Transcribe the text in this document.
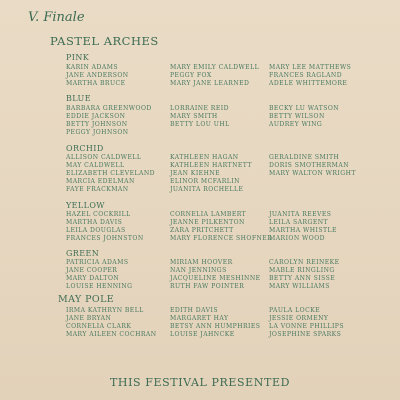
V. Finale
PASTEL ARCHES
PINK
KARIN ADAMS
JANE ANDERSON
MARTHA BRUCE
MARY EMILY CALDWELL
PEGGY FOX
MARY JANE LEARNED
MARY LEE MATTHEWS
FRANCES RAGLAND
ADELE WHITTEMORE
BLUE
BARBARA GREENWOOD
EDDIE JACKSON
BETTY JOHNSON
PEGGY JOHNSON
LORRAINE REID
MARY SMITH
BETTY LOU UHL
BECKY LU WATSON
BETTY WILSON
AUDREY WING
ORCHID
ALLISON CALDWELL
MAY CALDWELL
ELIZABETH CLEVELAND
MARCIA EDELMAN
FAYE FRACKMAN
KATHLEEN HAGAN
KATHLEEN HARTNETT
JEAN KIEHNE
ELINOR MCFARLIN
JUANITA ROCHELLE
GERALDINE SMITH
DORIS SMOTHERMAN
MARY WALTON WRIGHT
YELLOW
HAZEL COCKRILL
MARTHA DAVIS
LEILA DOUGLAS
FRANCES JOHNSTON
CORNELIA LAMBERT
JEANNE PILKENTON
ZARA PRITCHETT
MARY FLORENCE SHOFNER
JUANITA REEVES
LEILA SARGENT
MARTHA WHISTLE
MARION WOOD
GREEN
PATRICIA ADAMS
JANE COOPER
MARY DALTON
LOUISE HENNING
MIRIAM HOOVER
NAN JENNINGS
JACQUELINE MESHINNE
RUTH FAW POINTER
CAROLYN REINEKE
MABLE RINGLING
BETTY ANN SISSE
MARY WILLIAMS
MAY POLE
IRMA KATHRYN BELL
JANE BRYAN
CORNELIA CLARK
MARY AILEEN COCHRAN
EDITH DAVIS
MARGARET HAY
BETSY ANN HUMPHRIES
LOUISE JAHNCKE
PAULA LOCKE
JESSIE ORMENY
LA VONNE PHILLIPS
JOSEPHINE SPARKS
THIS FESTIVAL PRESENTED
